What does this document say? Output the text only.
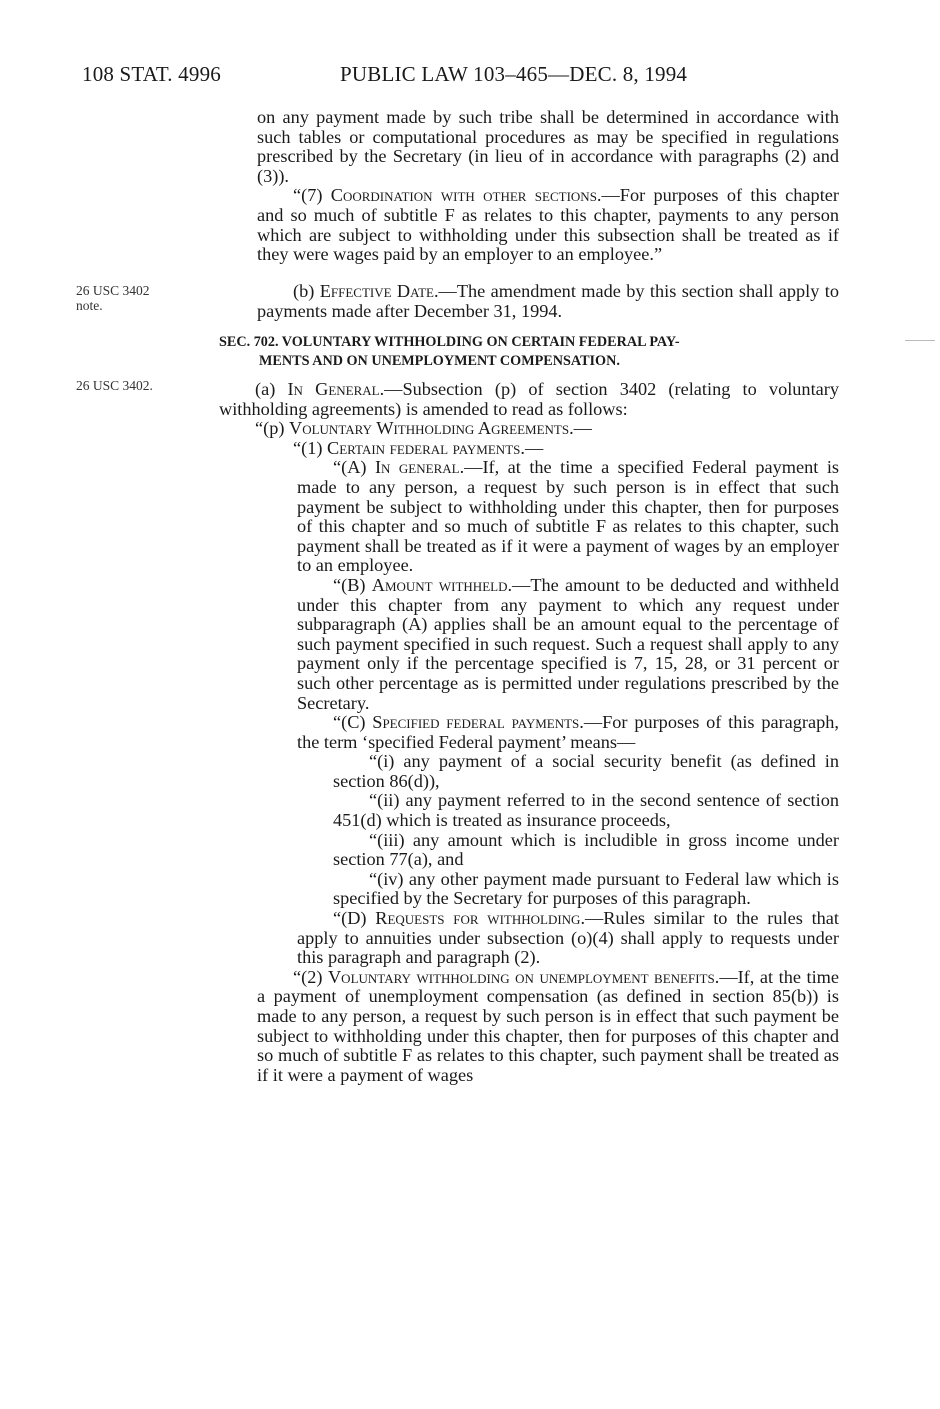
108 STAT. 4996	PUBLIC LAW 103–465—DEC. 8, 1994
26 USC 3402
note.
26 USC 3402.

on any payment made by such tribe shall be determined in accordance with such tables or computational procedures as may be specified in regulations prescribed by the Secretary (in lieu of in accordance with paragraphs (2) and (3)).

“(7) Coordination with other sections.—For purposes of this chapter and so much of subtitle F as relates to this chapter, payments to any person which are subject to withholding under this subsection shall be treated as if they were wages paid by an employer to an employee.”

(b) Effective Date.—The amendment made by this section shall apply to payments made after December 31, 1994.

SEC. 702. VOLUNTARY WITHHOLDING ON CERTAIN FEDERAL PAY-
MENTS AND ON UNEMPLOYMENT COMPENSATION.

(a) In General.—Subsection (p) of section 3402 (relating to voluntary withholding agreements) is amended to read as follows:

“(p) Voluntary Withholding Agreements.—

“(1) Certain federal payments.—

“(A) In general.—If, at the time a specified Federal payment is made to any person, a request by such person is in effect that such payment be subject to withholding under this chapter, then for purposes of this chapter and so much of subtitle F as relates to this chapter, such payment shall be treated as if it were a payment of wages by an employer to an employee.

“(B) Amount withheld.—The amount to be deducted and withheld under this chapter from any payment to which any request under subparagraph (A) applies shall be an amount equal to the percentage of such payment specified in such request. Such a request shall apply to any payment only if the percentage specified is 7, 15, 28, or 31 percent or such other percentage as is permitted under regulations prescribed by the Secretary.

“(C) Specified federal payments.—For purposes of this paragraph, the term ‘specified Federal payment’ means—

“(i) any payment of a social security benefit (as defined in section 86(d)),

“(ii) any payment referred to in the second sentence of section 451(d) which is treated as insurance proceeds,

“(iii) any amount which is includible in gross income under section 77(a), and

“(iv) any other payment made pursuant to Federal law which is specified by the Secretary for purposes of this paragraph.

“(D) Requests for withholding.—Rules similar to the rules that apply to annuities under subsection (o)(4) shall apply to requests under this paragraph and paragraph (2).

“(2) Voluntary withholding on unemployment benefits.—If, at the time a payment of unemployment compensation (as defined in section 85(b)) is made to any person, a request by such person is in effect that such payment be subject to withholding under this chapter, then for purposes of this chapter and so much of subtitle F as relates to this chapter, such payment shall be treated as if it were a payment of wages
